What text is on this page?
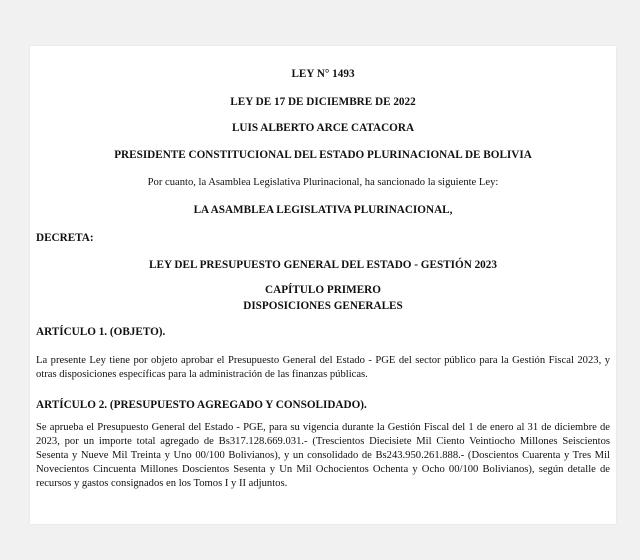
LEY N° 1493

LEY DE 17 DE DICIEMBRE DE 2022

LUIS ALBERTO ARCE CATACORA

PRESIDENTE CONSTITUCIONAL DEL ESTADO PLURINACIONAL DE BOLIVIA

Por cuanto, la Asamblea Legislativa Plurinacional, ha sancionado la siguiente Ley:

LA ASAMBLEA LEGISLATIVA PLURINACIONAL,

DECRETA:

LEY DEL PRESUPUESTO GENERAL DEL ESTADO - GESTIÓN 2023

CAPÍTULO PRIMERO

DISPOSICIONES GENERALES

ARTÍCULO 1. (OBJETO).

La presente Ley tiene por objeto aprobar el Presupuesto General del Estado - PGE del sector público para la Gestión Fiscal 2023, y otras disposiciones específicas para la administración de las finanzas públicas.

ARTÍCULO 2. (PRESUPUESTO AGREGADO Y CONSOLIDADO).

Se aprueba el Presupuesto General del Estado - PGE, para su vigencia durante la Gestión Fiscal del 1 de enero al 31 de diciembre de 2023, por un importe total agregado de Bs317.128.669.031.- (Trescientos Diecisiete Mil Ciento Veintiocho Millones Seiscientos Sesenta y Nueve Mil Treinta y Uno 00/100 Bolivianos), y un consolidado de Bs243.950.261.888.- (Doscientos Cuarenta y Tres Mil Novecientos Cincuenta Millones Doscientos Sesenta y Un Mil Ochocientos Ochenta y Ocho 00/100 Bolivianos), según detalle de recursos y gastos consignados en los Tomos I y II adjuntos.
